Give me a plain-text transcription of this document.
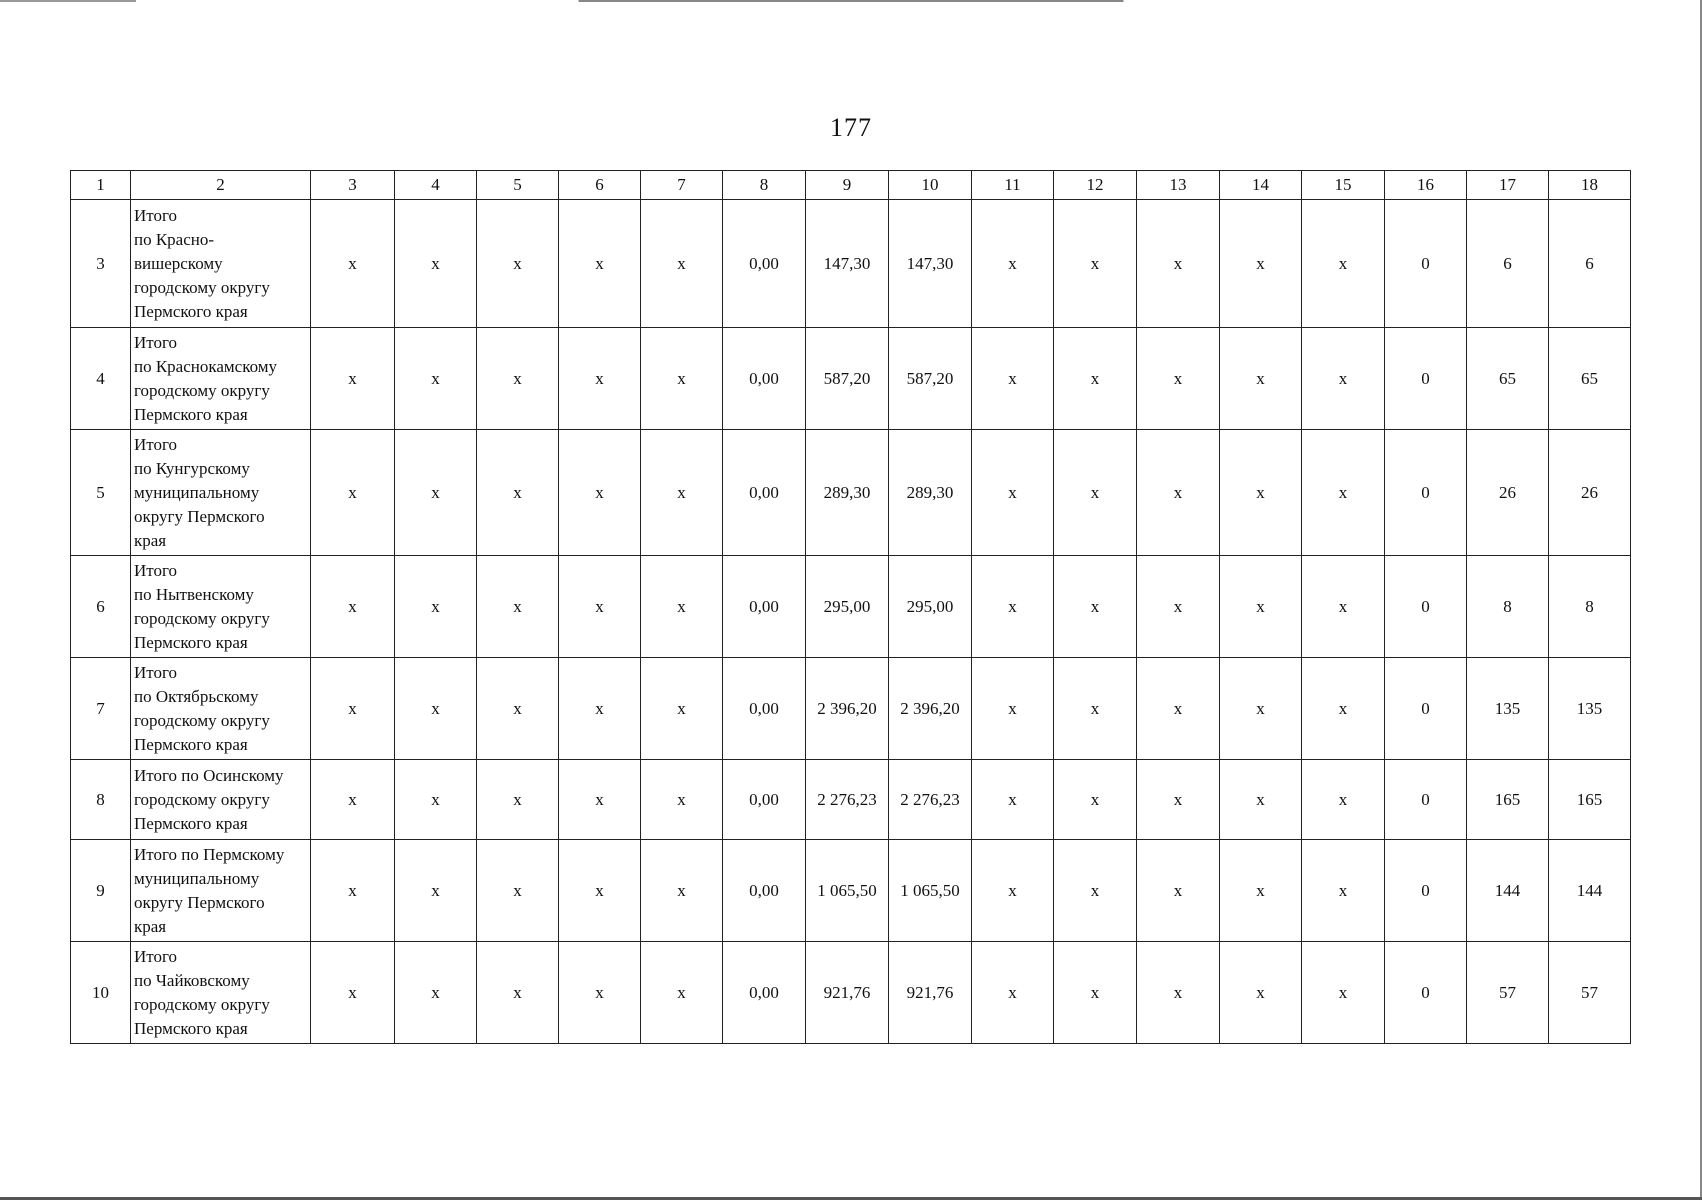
177
1	2	3	4	5	6	7	8	9	10	11	12	13	14	15	16	17	18
3	Итого
по Красно-
вишерскому
городскому округу
Пермского края	х	х	х	х	х	0,00	147,30	147,30	х	х	х	х	х	0	6	6
4	Итого
по Краснокамскому
городскому округу
Пермского края	х	х	х	х	х	0,00	587,20	587,20	х	х	х	х	х	0	65	65
5	Итого
по Кунгурскому
муниципальному
округу Пермского
края	х	х	х	х	х	0,00	289,30	289,30	х	х	х	х	х	0	26	26
6	Итого
по Нытвенскому
городскому округу
Пермского края	х	х	х	х	х	0,00	295,00	295,00	х	х	х	х	х	0	8	8
7	Итого
по Октябрьскому
городскому округу
Пермского края	х	х	х	х	х	0,00	2 396,20	2 396,20	х	х	х	х	х	0	135	135
8	Итого по Осинскому
городскому округу
Пермского края	х	х	х	х	х	0,00	2 276,23	2 276,23	х	х	х	х	х	0	165	165
9	Итого по Пермскому
муниципальному
округу Пермского
края	х	х	х	х	х	0,00	1 065,50	1 065,50	х	х	х	х	х	0	144	144
10	Итого
по Чайковскому
городскому округу
Пермского края	х	х	х	х	х	0,00	921,76	921,76	х	х	х	х	х	0	57	57
